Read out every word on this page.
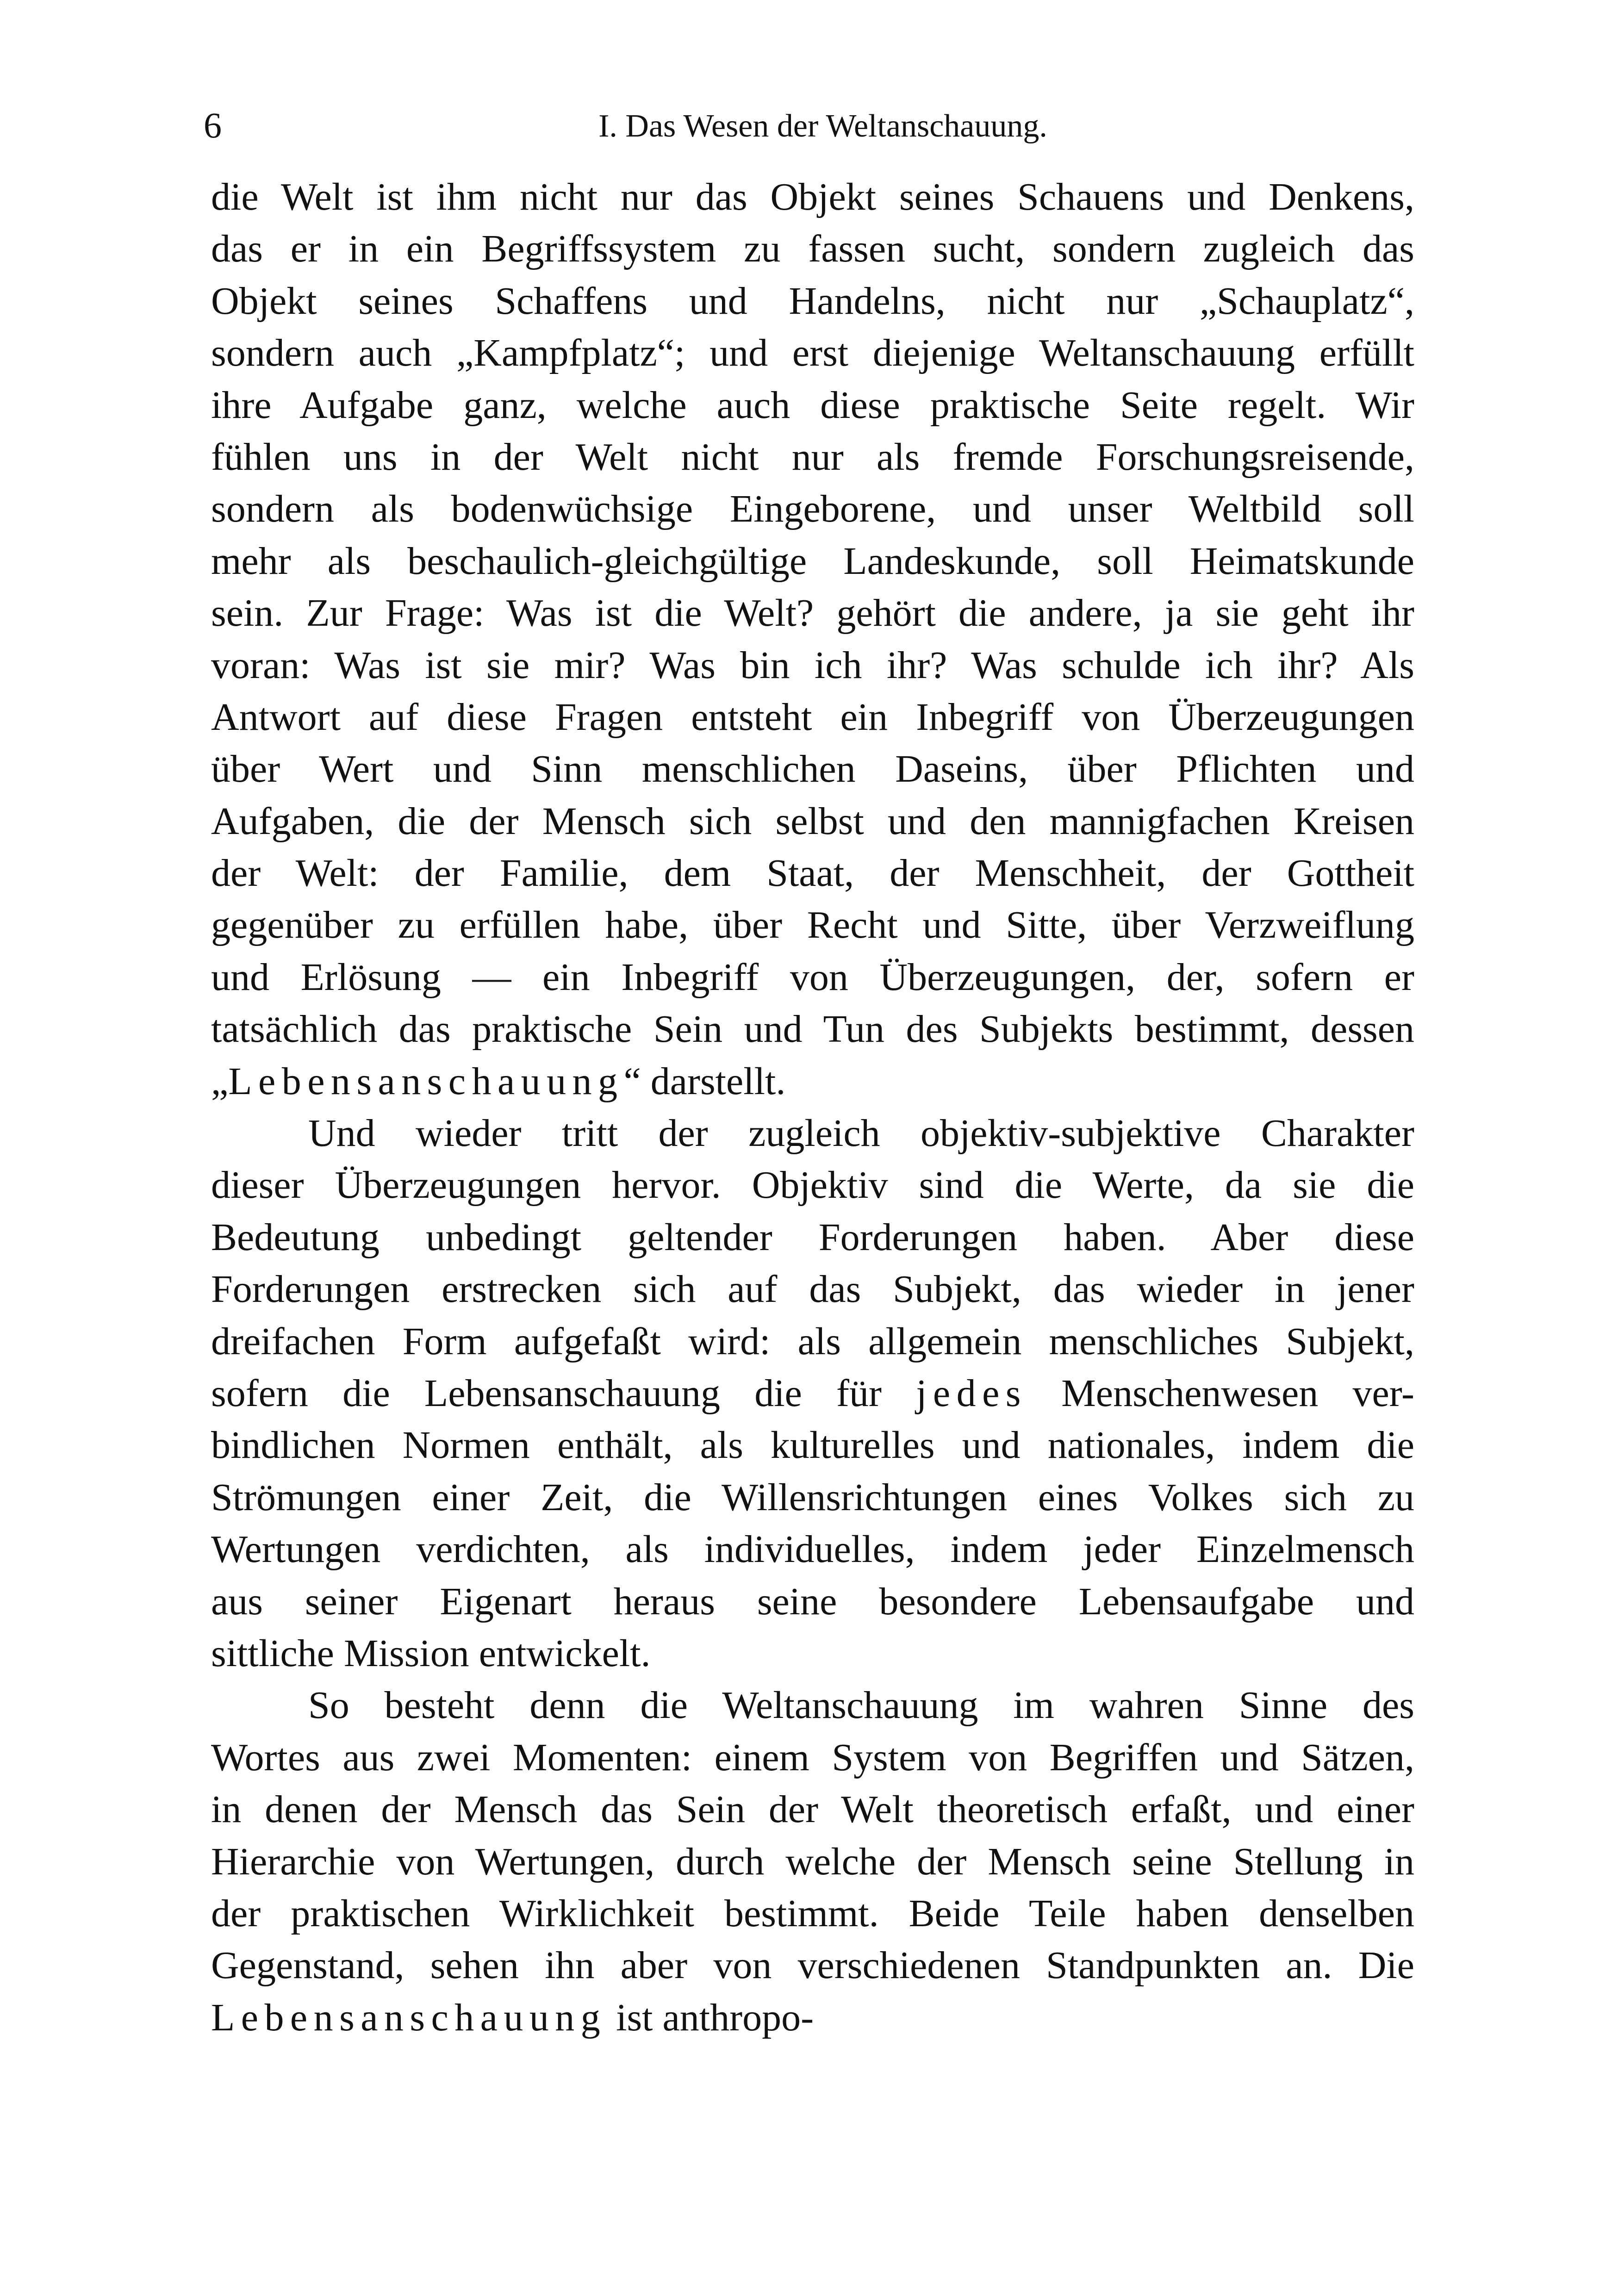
6	I. Das Wesen der Weltanschauung.
die Welt ist ihm nicht nur das Objekt seines Schauens und Denkens,
das er in ein Begriffssystem zu fassen sucht, sondern zugleich das
Objekt seines Schaffens und Handelns, nicht nur „Schauplatz“,
sondern auch „Kampfplatz“; und erst diejenige Weltanschauung erfüllt
ihre Aufgabe ganz, welche auch diese praktische Seite regelt. Wir
fühlen uns in der Welt nicht nur als fremde Forschungsreisende,
sondern als bodenwüchsige Eingeborene, und unser Weltbild soll
mehr als beschaulich-gleichgültige Landeskunde, soll Heimatskunde
sein. Zur Frage: Was ist die Welt? gehört die andere, ja sie geht ihr
voran: Was ist sie mir? Was bin ich ihr? Was schulde ich ihr? Als
Antwort auf diese Fragen entsteht ein Inbegriff von Überzeugungen
über Wert und Sinn menschlichen Daseins, über Pflichten und
Aufgaben, die der Mensch sich selbst und den mannigfachen Kreisen
der Welt: der Familie, dem Staat, der Menschheit, der Gottheit
gegenüber zu erfüllen habe, über Recht und Sitte, über Verzweiflung
und Erlösung — ein Inbegriff von Überzeugungen, der, sofern er
tatsächlich das praktische Sein und Tun des Subjekts bestimmt, dessen
„Lebensanschauung“ darstellt.
Und wieder tritt der zugleich objektiv-subjektive Charakter
dieser Überzeugungen hervor. Objektiv sind die Werte, da sie die
Bedeutung unbedingt geltender Forderungen haben. Aber diese
Forderungen erstrecken sich auf das Subjekt, das wieder in jener
dreifachen Form aufgefaßt wird: als allgemein menschliches Subjekt,
sofern die Lebensanschauung die für jedes Menschenwesen ver-
bindlichen Normen enthält, als kulturelles und nationales, indem die
Strömungen einer Zeit, die Willensrichtungen eines Volkes sich zu
Wertungen verdichten, als individuelles, indem jeder Einzelmensch
aus seiner Eigenart heraus seine besondere Lebensaufgabe und
sittliche Mission entwickelt.
So besteht denn die Weltanschauung im wahren Sinne des
Wortes aus zwei Momenten: einem System von Begriffen und Sätzen,
in denen der Mensch das Sein der Welt theoretisch erfaßt, und einer
Hierarchie von Wertungen, durch welche der Mensch seine Stellung in
der praktischen Wirklichkeit bestimmt. Beide Teile haben denselben
Gegenstand, sehen ihn aber von verschiedenen Standpunkten an. Die
Lebensanschauung ist anthropo-
